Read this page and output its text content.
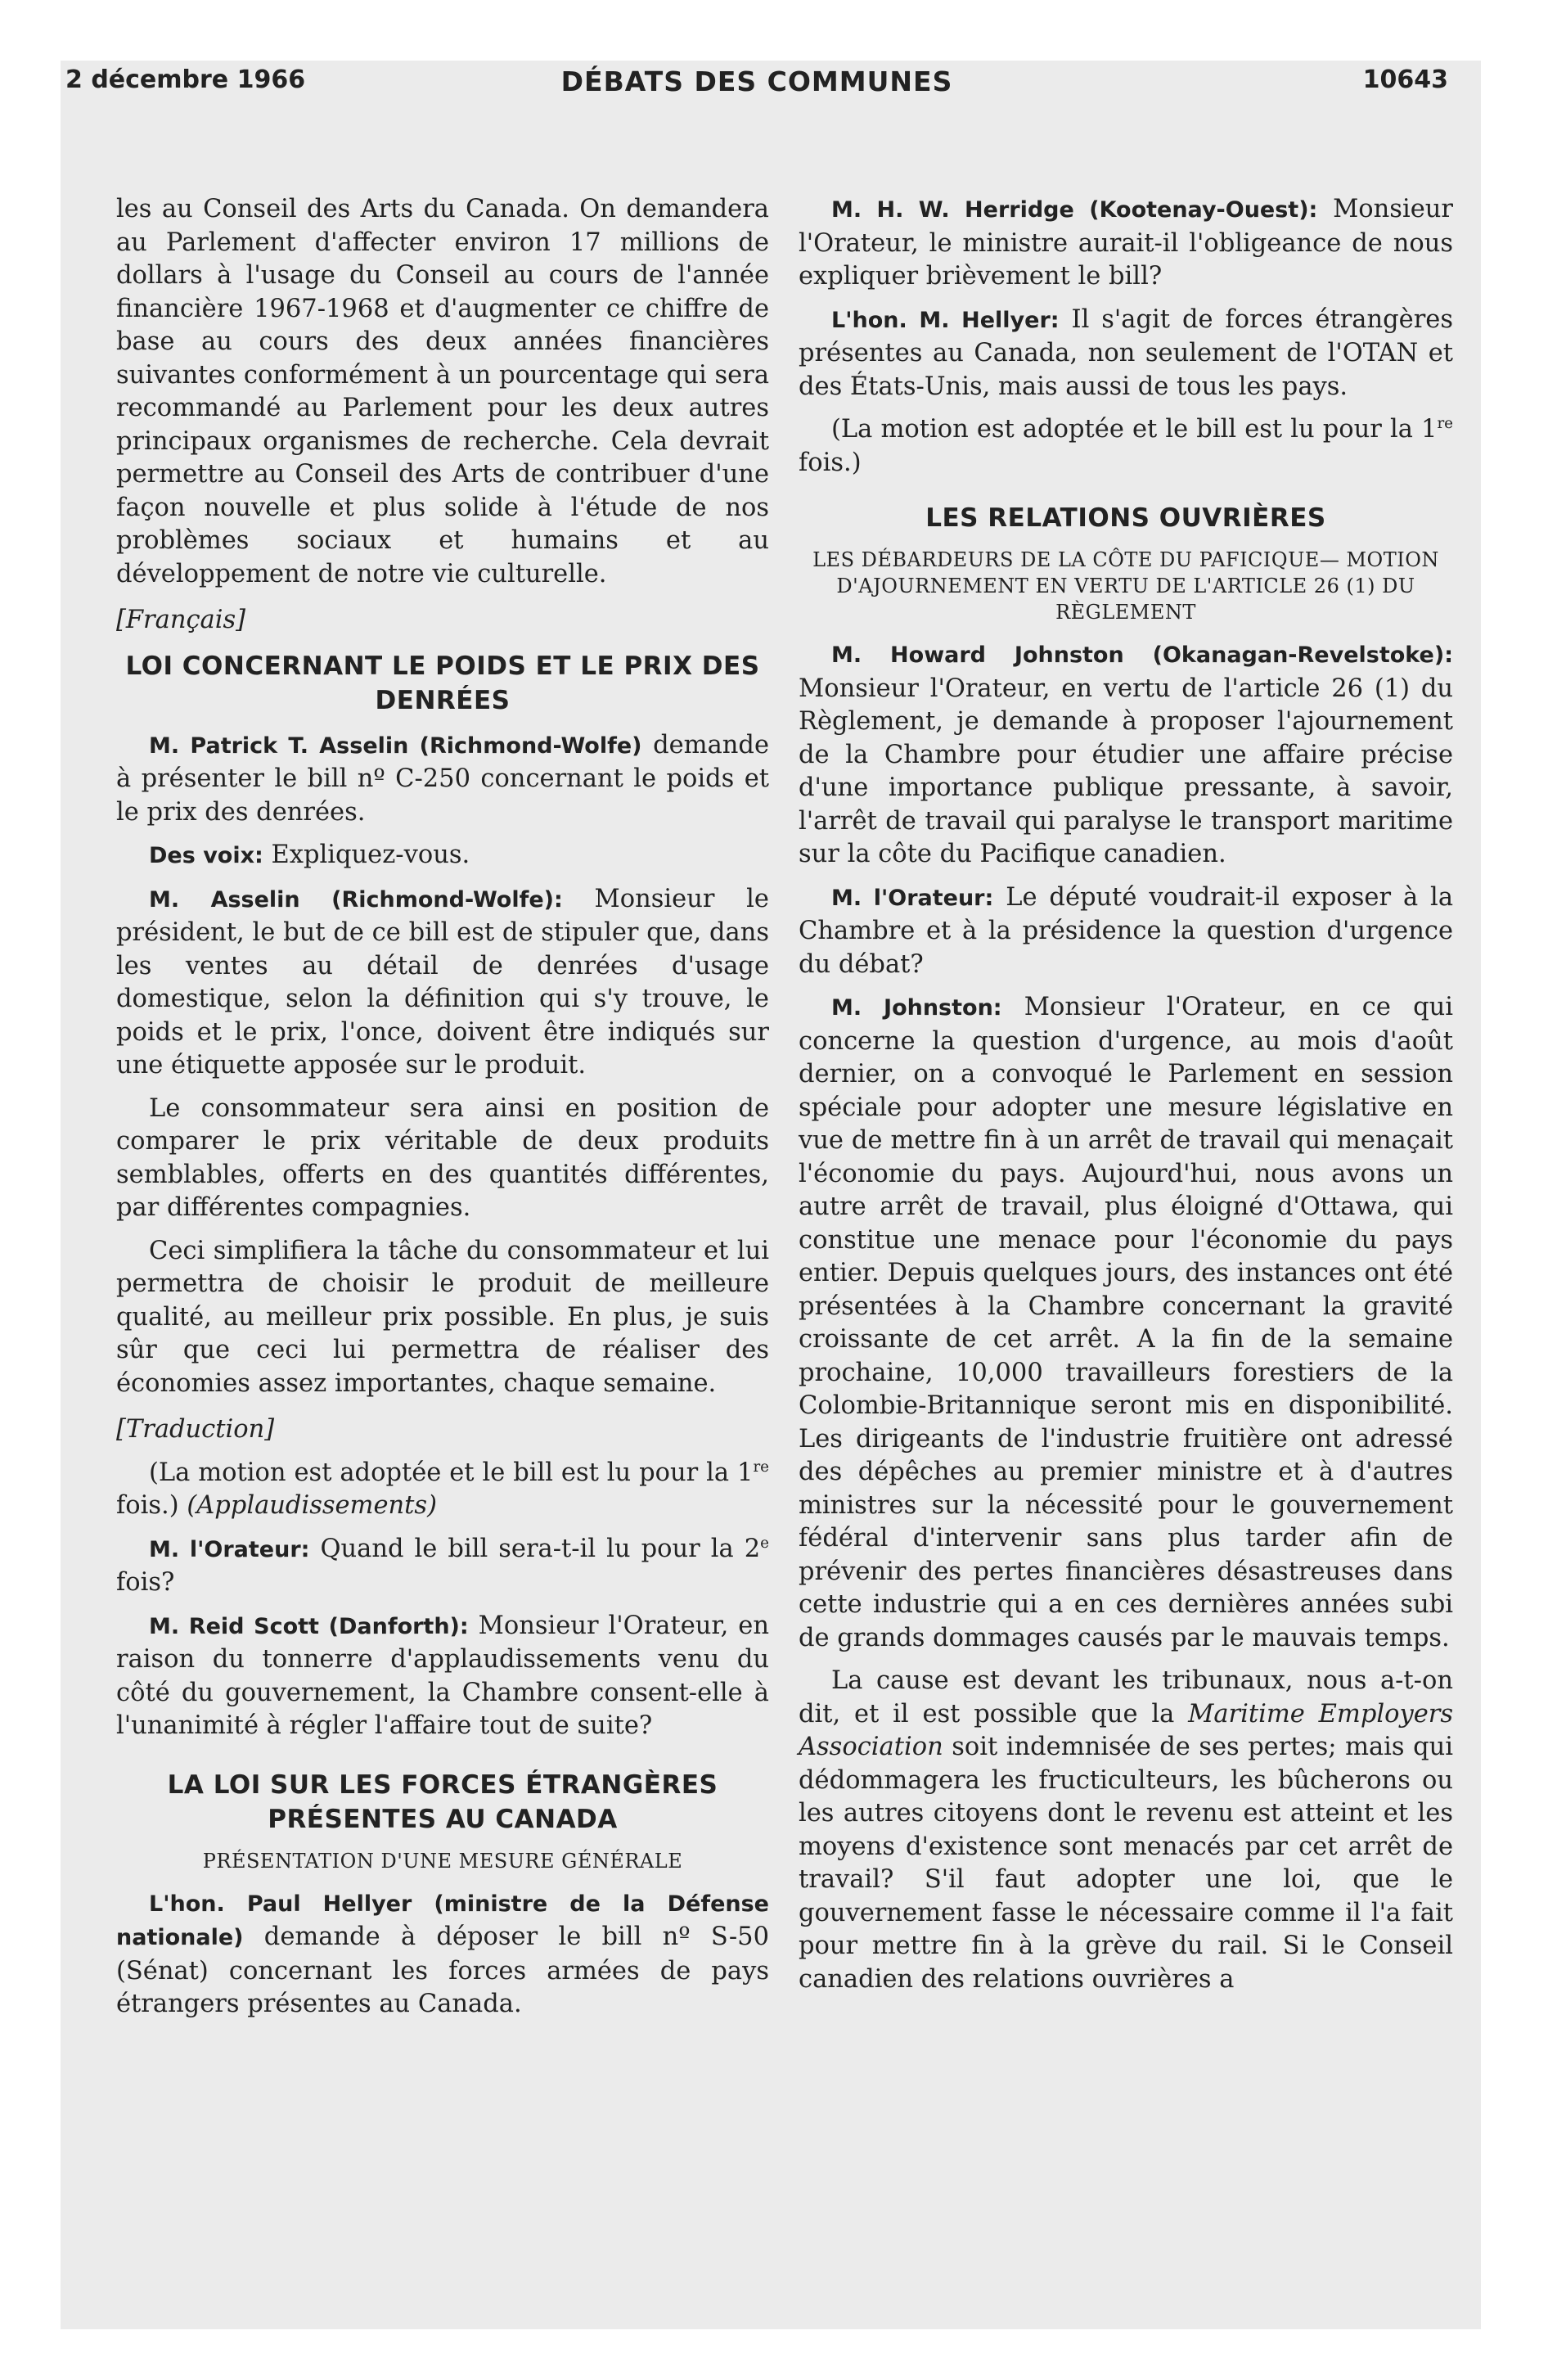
DÉBATS DES COMMUNES
2 décembre 1966	10643

les au Conseil des Arts du Canada. On demandera au Parlement d'affecter environ 17 millions de dollars à l'usage du Conseil au cours de l'année financière 1967-1968 et d'augmenter ce chiffre de base au cours des deux années financières suivantes conformément à un pourcentage qui sera recommandé au Parlement pour les deux autres principaux organismes de recherche. Cela devrait permettre au Conseil des Arts de contribuer d'une façon nouvelle et plus solide à l'étude de nos problèmes sociaux et humains et au développement de notre vie culturelle.

[Français]

LOI CONCERNANT LE POIDS ET LE PRIX DES DENRÉES

M. Patrick T. Asselin (Richmond-Wolfe) demande à présenter le bill nº C-250 concernant le poids et le prix des denrées.

Des voix: Expliquez-vous.

M. Asselin (Richmond-Wolfe): Monsieur le président, le but de ce bill est de stipuler que, dans les ventes au détail de denrées d'usage domestique, selon la définition qui s'y trouve, le poids et le prix, l'once, doivent être indiqués sur une étiquette apposée sur le produit.

Le consommateur sera ainsi en position de comparer le prix véritable de deux produits semblables, offerts en des quantités différentes, par différentes compagnies.

Ceci simplifiera la tâche du consommateur et lui permettra de choisir le produit de meilleure qualité, au meilleur prix possible. En plus, je suis sûr que ceci lui permettra de réaliser des économies assez importantes, chaque semaine.

[Traduction]

(La motion est adoptée et le bill est lu pour la 1re fois.) (Applaudissements)

M. l'Orateur: Quand le bill sera-t-il lu pour la 2e fois?

M. Reid Scott (Danforth): Monsieur l'Orateur, en raison du tonnerre d'applaudissements venu du côté du gouvernement, la Chambre consent-elle à l'unanimité à régler l'affaire tout de suite?

LA LOI SUR LES FORCES ÉTRANGÈRES PRÉSENTES AU CANADA
PRÉSENTATION D'UNE MESURE GÉNÉRALE

L'hon. Paul Hellyer (ministre de la Défense nationale) demande à déposer le bill nº S-50 (Sénat) concernant les forces armées de pays étrangers présentes au Canada.

M. H. W. Herridge (Kootenay-Ouest): Monsieur l'Orateur, le ministre aurait-il l'obligeance de nous expliquer brièvement le bill?

L'hon. M. Hellyer: Il s'agit de forces étrangères présentes au Canada, non seulement de l'OTAN et des États-Unis, mais aussi de tous les pays.

(La motion est adoptée et le bill est lu pour la 1re fois.)

LES RELATIONS OUVRIÈRES
LES DÉBARDEURS DE LA CÔTE DU PAFICIQUE— MOTION D'AJOURNEMENT EN VERTU DE L'ARTICLE 26 (1) DU RÈGLEMENT

M. Howard Johnston (Okanagan-Revelstoke): Monsieur l'Orateur, en vertu de l'article 26 (1) du Règlement, je demande à proposer l'ajournement de la Chambre pour étudier une affaire précise d'une importance publique pressante, à savoir, l'arrêt de travail qui paralyse le transport maritime sur la côte du Pacifique canadien.

M. l'Orateur: Le député voudrait-il exposer à la Chambre et à la présidence la question d'urgence du débat?

M. Johnston: Monsieur l'Orateur, en ce qui concerne la question d'urgence, au mois d'août dernier, on a convoqué le Parlement en session spéciale pour adopter une mesure législative en vue de mettre fin à un arrêt de travail qui menaçait l'économie du pays. Aujourd'hui, nous avons un autre arrêt de travail, plus éloigné d'Ottawa, qui constitue une menace pour l'économie du pays entier. Depuis quelques jours, des instances ont été présentées à la Chambre concernant la gravité croissante de cet arrêt. A la fin de la semaine prochaine, 10,000 travailleurs forestiers de la Colombie-Britannique seront mis en disponibilité. Les dirigeants de l'industrie fruitière ont adressé des dépêches au premier ministre et à d'autres ministres sur la nécessité pour le gouvernement fédéral d'intervenir sans plus tarder afin de prévenir des pertes financières désastreuses dans cette industrie qui a en ces dernières années subi de grands dommages causés par le mauvais temps.

La cause est devant les tribunaux, nous a-t-on dit, et il est possible que la Maritime Employers Association soit indemnisée de ses pertes; mais qui dédommagera les fructiculteurs, les bûcherons ou les autres citoyens dont le revenu est atteint et les moyens d'existence sont menacés par cet arrêt de travail? S'il faut adopter une loi, que le gouvernement fasse le nécessaire comme il l'a fait pour mettre fin à la grève du rail. Si le Conseil canadien des relations ouvrières a
